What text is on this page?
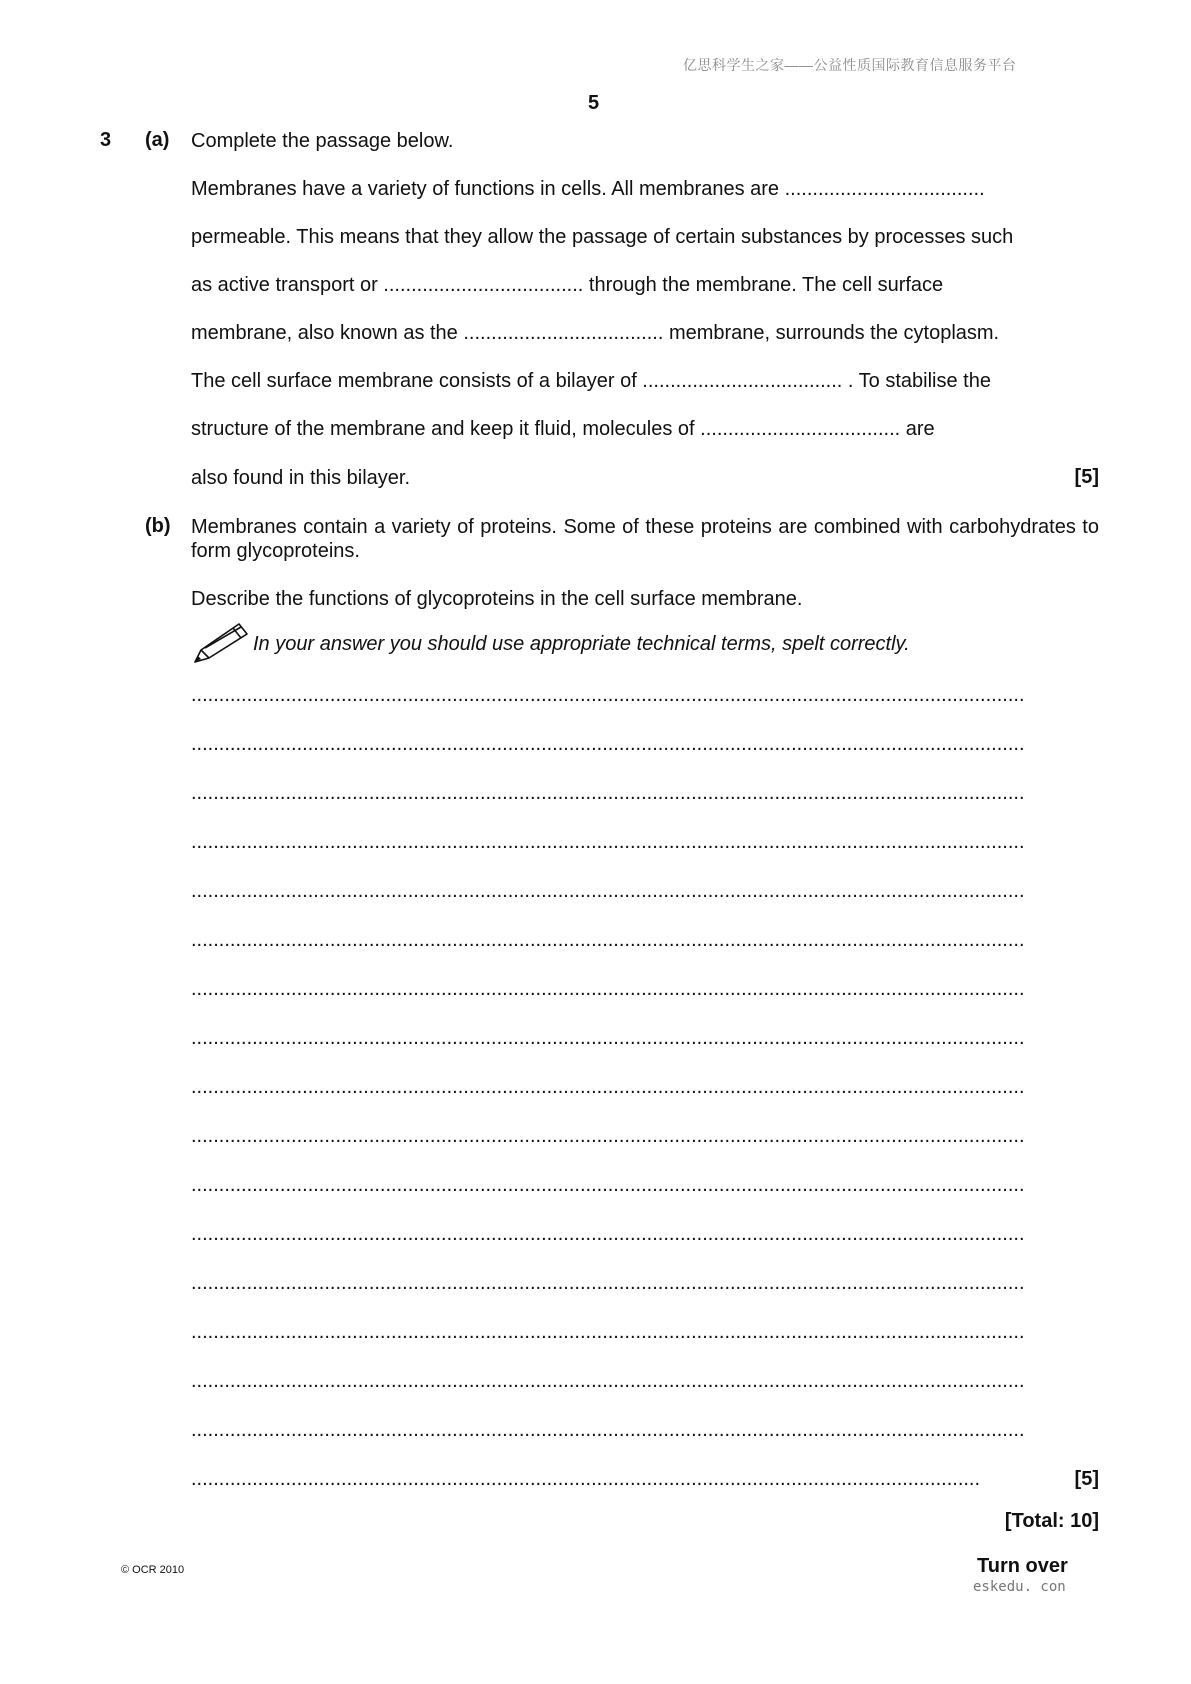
亿思科学生之家——公益性质国际教育信息服务平台
5
3 (a) Complete the passage below.
Membranes have a variety of functions in cells. All membranes are ....................................
permeable. This means that they allow the passage of certain substances by processes such
as active transport or .................................... through the membrane. The cell surface
membrane, also known as the .................................... membrane, surrounds the cytoplasm.
The cell surface membrane consists of a bilayer of .................................... . To stabilise the
structure of the membrane and keep it fluid, molecules of .................................... are
also found in this bilayer.	[5]
(b) Membranes contain a variety of proteins. Some of these proteins are combined with carbohydrates to form glycoproteins.
Describe the functions of glycoproteins in the cell surface membrane.
In your answer you should use appropriate technical terms, spelt correctly.
......................................................................................................................................................
......................................................................................................................................................
......................................................................................................................................................
......................................................................................................................................................
......................................................................................................................................................
......................................................................................................................................................
......................................................................................................................................................
......................................................................................................................................................
......................................................................................................................................................
......................................................................................................................................................
......................................................................................................................................................
......................................................................................................................................................
......................................................................................................................................................
......................................................................................................................................................
......................................................................................................................................................
......................................................................................................................................................
..............................................................................................................................................	[5]
[Total: 10]
© OCR 2010	Turn over
eskedu. con
